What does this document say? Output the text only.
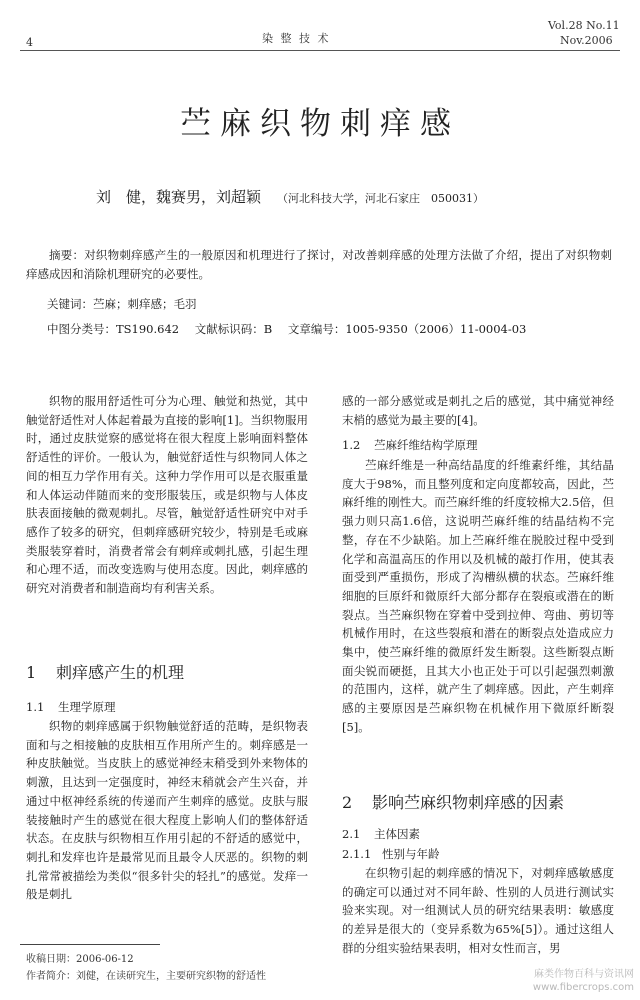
4	染 整 技 术
Vol.28 No.11
Nov.2006
苎麻织物刺痒感
刘　健，魏赛男，刘超颖 （河北科技大学，河北石家庄　050031）
摘要：对织物刺痒感产生的一般原因和机理进行了探讨，对改善刺痒感的处理方法做了介绍，提出了对织物刺痒感成因和消除机理研究的必要性。
关键词：苎麻；刺痒感；毛羽
中图分类号：TS190.642 文献标识码：B 文章编号：1005-9350（2006）11-0004-03

织物的服用舒适性可分为心理、触觉和热觉，其中触觉舒适性对人体起着最为直接的影响[1]。当织物服用时，通过皮肤觉察的感觉将在很大程度上影响面料整体舒适性的评价。一般认为，触觉舒适性与织物同人体之间的相互力学作用有关。这种力学作用可以是衣服重量和人体运动伴随而来的变形服装压，或是织物与人体皮肤表面接触的微观刺扎。尽管，触觉舒适性研究中对手感作了较多的研究，但刺痒感研究较少，特别是毛或麻类服装穿着时，消费者常会有刺痒或刺扎感，引起生理和心理不适，而改变选购与使用态度。因此，刺痒感的研究对消费者和制造商均有利害关系。

1 刺痒感产生的机理
1.1 生理学原理

织物的刺痒感属于织物触觉舒适的范畴，是织物表面和与之相接触的皮肤相互作用所产生的。刺痒感是一种皮肤触觉。当皮肤上的感觉神经末稍受到外来物体的刺激，且达到一定强度时，神经末稍就会产生兴奋，并通过中枢神经系统的传递而产生刺痒的感觉。皮肤与服装接触时产生的感觉在很大程度上影响人们的整体舒适状态。在皮肤与织物相互作用引起的不舒适的感觉中，刺扎和发痒也许是最常见而且最令人厌恶的。织物的刺扎常常被描绘为类似“很多针尖的轻扎”的感觉。发痒一般是刺扎

感的一部分感觉或是刺扎之后的感觉，其中痛觉神经末梢的感觉为最主要的[4]。

1.2 苎麻纤维结构学原理

苎麻纤维是一种高结晶度的纤维素纤维，其结晶度大于98%，而且整列度和定向度都较高，因此，苎麻纤维的刚性大。而苎麻纤维的纤度较棉大2.5倍，但强力则只高1.6倍，这说明苎麻纤维的结晶结构不完整，存在不少缺陷。加上苎麻纤维在脱胶过程中受到化学和高温高压的作用以及机械的敲打作用，使其表面受到严重损伤，形成了沟槽纵横的状态。苎麻纤维细胞的巨原纤和微原纤大部分都存在裂痕或潜在的断裂点。当苎麻织物在穿着中受到拉伸、弯曲、剪切等机械作用时，在这些裂痕和潜在的断裂点处造成应力集中，使苎麻纤维的微原纤发生断裂。这些断裂点断面尖锐而硬挺，且其大小也正处于可以引起强烈刺激的范围内，这样，就产生了刺痒感。因此，产生刺痒感的主要原因是苎麻织物在机械作用下微原纤断裂[5]。

2 影响苎麻织物刺痒感的因素
2.1 主体因素
2.1.1 性别与年龄

在织物引起的刺痒感的情况下，对刺痒感敏感度的确定可以通过对不同年龄、性别的人员进行测试实验来实现。对一组测试人员的研究结果表明：敏感度的差异是很大的（变异系数为65%[5]）。通过这组人群的分组实验结果表明，相对女性而言，男

收稿日期：2006-06-12
作者简介：刘健，在读研究生，主要研究织物的舒适性	麻类作物百科与资讯网
www.fibercrops.com
